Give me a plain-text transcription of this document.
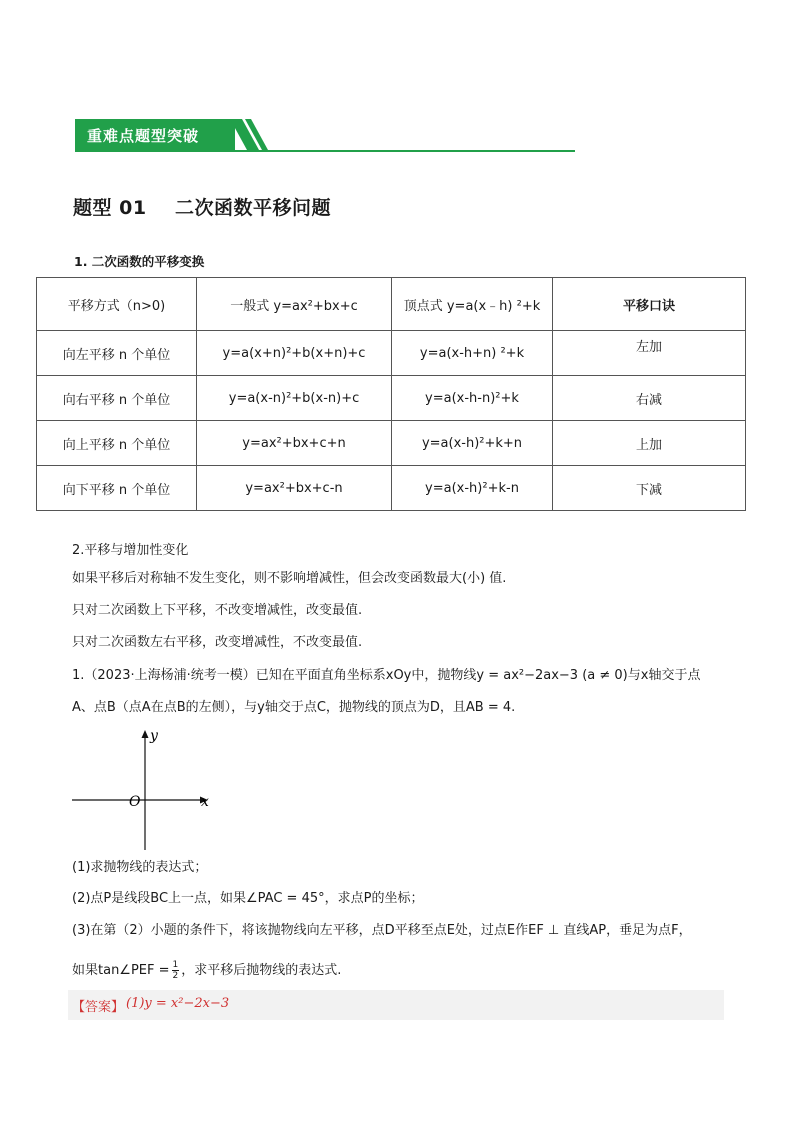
重难点题型突破
题型 01    二次函数平移问题
1. 二次函数的平移变换
平移方式（n>0)	一般式 y=ax²+bx+c	顶点式 y=a(x﹣h) ²+k	平移口诀
向左平移 n 个单位	y=a(x+n)²+b(x+n)+c	y=a(x-h+n) ²+k	左加
向右平移 n 个单位	y=a(x-n)²+b(x-n)+c	y=a(x-h-n)²+k	右减
向上平移 n 个单位	y=ax²+bx+c+n	y=a(x-h)²+k+n	上加
向下平移 n 个单位	y=ax²+bx+c-n	y=a(x-h)²+k-n	下减
2.平移与增加性变化
如果平移后对称轴不发生变化，则不影响增减性，但会改变函数最大(小) 值.
只对二次函数上下平移，不改变增减性，改变最值.
只对二次函数左右平移，改变增减性，不改变最值.
1.（2023·上海杨浦·统考一模）已知在平面直角坐标系xOy中，抛物线y = ax²−2ax−3 (a ≠ 0)与x轴交于点
A、点B（点A在点B的左侧），与y轴交于点C，抛物线的顶点为D，且AB = 4.
y
x
O
(1)求抛物线的表达式；
(2)点P是线段BC上一点，如果∠PAC = 45°，求点P的坐标；
(3)在第（2）小题的条件下，将该抛物线向左平移，点D平移至点E处，过点E作EF ⊥ 直线AP，垂足为点F，
如果tan∠PEF = $\frac{1}{2}$ ，求平移后抛物线的表达式.
【答案】 (1)y = x²−2x−3
